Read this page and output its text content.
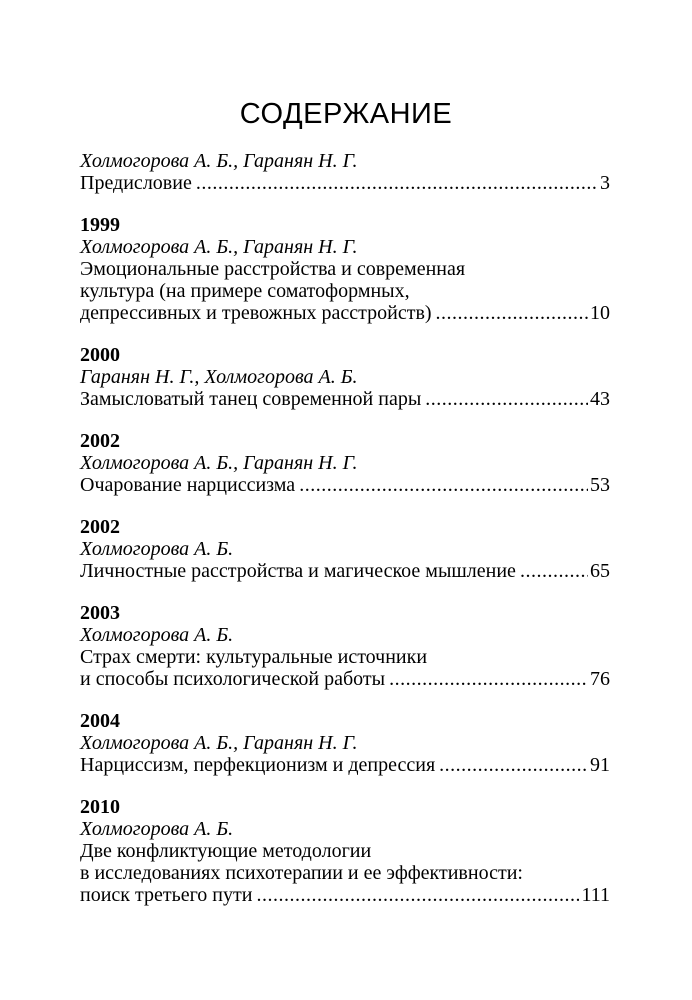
СОДЕРЖАНИЕ
Холмогорова А. Б., Гаранян Н. Г.
Предисловие .....	3
1999
Холмогорова А. Б., Гаранян Н. Г.
Эмоциональные расстройства и современная
культура (на примере соматоформных,
депрессивных и тревожных расстройств) .....	10
2000
Гаранян Н. Г., Холмогорова А. Б.
Замысловатый танец современной пары .....	43
2002
Холмогорова А. Б., Гаранян Н. Г.
Очарование нарциссизма .....	53
2002
Холмогорова А. Б.
Личностные расстройства и магическое мышление .....	65
2003
Холмогорова А. Б.
Страх смерти: культуральные источники
и способы психологической работы .....	76
2004
Холмогорова А. Б., Гаранян Н. Г.
Нарциссизм, перфекционизм и депрессия .....	91
2010
Холмогорова А. Б.
Две конфликтующие методологии
в исследованиях психотерапии и ее эффективности:
поиск третьего пути .....	111
